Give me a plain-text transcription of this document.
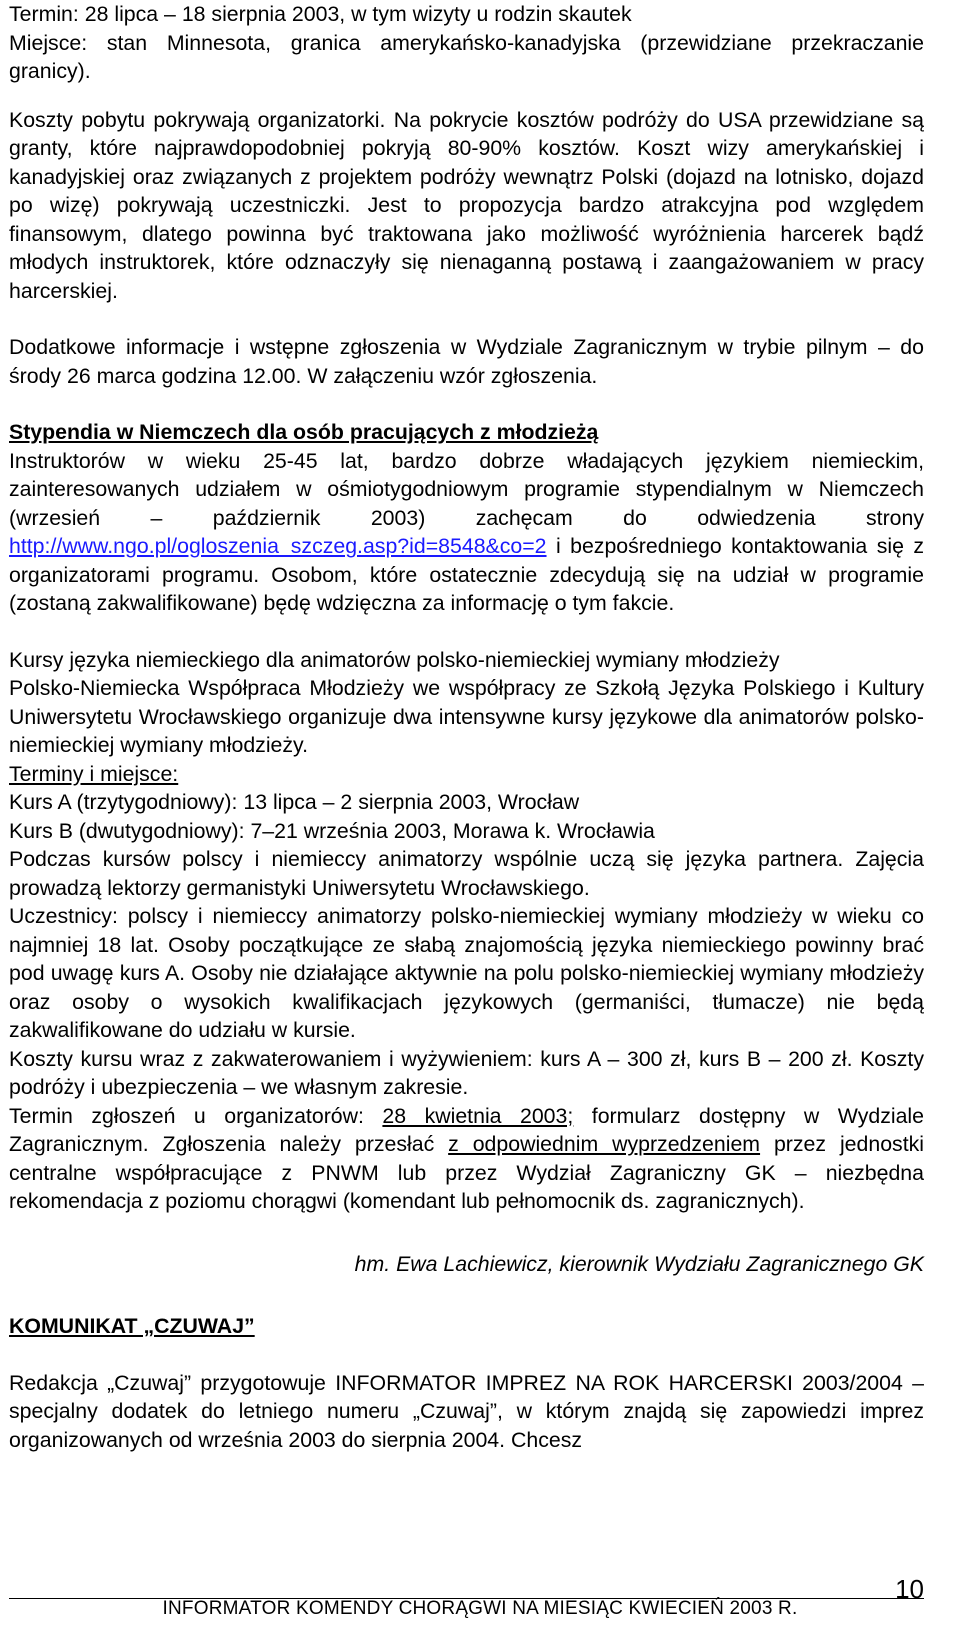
Termin: 28 lipca – 18 sierpnia 2003, w tym wizyty u rodzin skautek

Miejsce: stan Minnesota, granica amerykańsko-kanadyjska (przewidziane przekraczanie granicy).

Koszty pobytu pokrywają organizatorki. Na pokrycie kosztów podróży do USA przewidziane są granty, które najprawdopodobniej pokryją 80-90% kosztów. Koszt wizy amerykańskiej i kanadyjskiej oraz związanych z projektem podróży wewnątrz Polski (dojazd na lotnisko, dojazd po wizę) pokrywają uczestniczki. Jest to propozycja bardzo atrakcyjna pod względem finansowym, dlatego powinna być traktowana jako możliwość wyróżnienia harcerek bądź młodych instruktorek, które odznaczyły się nienaganną postawą i zaangażowaniem w pracy harcerskiej.

Dodatkowe informacje i wstępne zgłoszenia w Wydziale Zagranicznym w trybie pilnym – do środy 26 marca godzina 12.00. W załączeniu wzór zgłoszenia.

Stypendia w Niemczech dla osób pracujących z młodzieżą

Instruktorów w wieku 25-45 lat, bardzo dobrze władających językiem niemieckim, zainteresowanych udziałem w ośmiotygodniowym programie stypendialnym w Niemczech (wrzesień – październik 2003) zachęcam do odwiedzenia strony http://www.ngo.pl/ogloszenia_szczeg.asp?id=8548&co=2 i bezpośredniego kontaktowania się z organizatorami programu. Osobom, które ostatecznie zdecydują się na udział w programie (zostaną zakwalifikowane) będę wdzięczna za informację o tym fakcie.

Kursy języka niemieckiego dla animatorów polsko-niemieckiej wymiany młodzieży

Polsko-Niemiecka Współpraca Młodzieży we współpracy ze Szkołą Języka Polskiego i Kultury Uniwersytetu Wrocławskiego organizuje dwa intensywne kursy językowe dla animatorów polsko-niemieckiej wymiany młodzieży.

Terminy i miejsce:

Kurs A (trzytygodniowy): 13 lipca – 2 sierpnia 2003, Wrocław

Kurs B (dwutygodniowy): 7–21 września 2003, Morawa k. Wrocławia

Podczas kursów polscy i niemieccy animatorzy wspólnie uczą się języka partnera. Zajęcia prowadzą lektorzy germanistyki Uniwersytetu Wrocławskiego.

Uczestnicy: polscy i niemieccy animatorzy polsko-niemieckiej wymiany młodzieży w wieku co najmniej 18 lat. Osoby początkujące ze słabą znajomością języka niemieckiego powinny brać pod uwagę kurs A. Osoby nie działające aktywnie na polu polsko-niemieckiej wymiany młodzieży oraz osoby o wysokich kwalifikacjach językowych (germaniści, tłumacze) nie będą zakwalifikowane do udziału w kursie.

Koszty kursu wraz z zakwaterowaniem i wyżywieniem: kurs A – 300 zł, kurs B – 200 zł. Koszty podróży i ubezpieczenia – we własnym zakresie.

Termin zgłoszeń u organizatorów: 28 kwietnia 2003; formularz dostępny w Wydziale Zagranicznym. Zgłoszenia należy przesłać z odpowiednim wyprzedzeniem przez jednostki centralne współpracujące z PNWM lub przez Wydział Zagraniczny GK – niezbędna rekomendacja z poziomu chorągwi (komendant lub pełnomocnik ds. zagranicznych).

hm. Ewa Lachiewicz, kierownik Wydziału Zagranicznego GK

KOMUNIKAT „CZUWAJ”

Redakcja „Czuwaj” przygotowuje INFORMATOR IMPREZ NA ROK HARCERSKI 2003/2004 – specjalny dodatek do letniego numeru „Czuwaj”, w którym znajdą się zapowiedzi imprez organizowanych od września 2003 do sierpnia 2004. Chcesz

10
INFORMATOR KOMENDY CHORĄGWI NA MIESIĄC KWIECIEŃ 2003 R.
